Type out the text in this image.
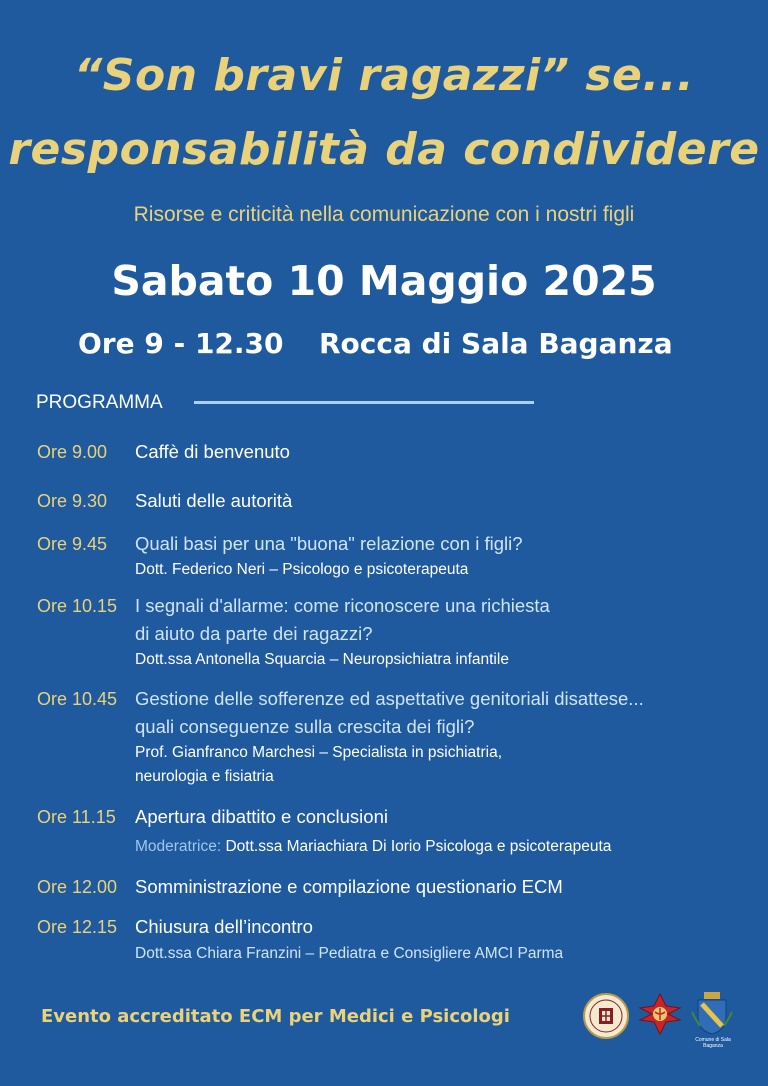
“Son bravi ragazzi” se...
responsabilità da condividere
Risorse e criticità nella comunicazione con i nostri figli
Sabato 10 Maggio 2025
Ore 9 - 12.30 Rocca di Sala Baganza
PROGRAMMA
Ore 9.00 Caffè di benvenuto
Ore 9.30 Saluti delle autorità
Ore 9.45 Quali basi per una "buona" relazione con i figli?
Dott. Federico Neri – Psicologo e psicoterapeuta
Ore 10.15 I segnali d'allarme: come riconoscere una richiesta
di aiuto da parte dei ragazzi?
Dott.ssa Antonella Squarcia – Neuropsichiatra infantile
Ore 10.45 Gestione delle sofferenze ed aspettative genitoriali disattese...
quali conseguenze sulla crescita dei figli?
Prof. Gianfranco Marchesi – Specialista in psichiatria,
neurologia e fisiatria
Ore 11.15 Apertura dibattito e conclusioni
Moderatrice: Dott.ssa Mariachiara Di Iorio Psicologa e psicoterapeuta
Ore 12.00 Somministrazione e compilazione questionario ECM
Ore 12.15 Chiusura dell’incontro
Dott.ssa Chiara Franzini – Pediatra e Consigliere AMCI Parma
Evento accreditato ECM per Medici e Psicologi
Comune di Sala Baganza
